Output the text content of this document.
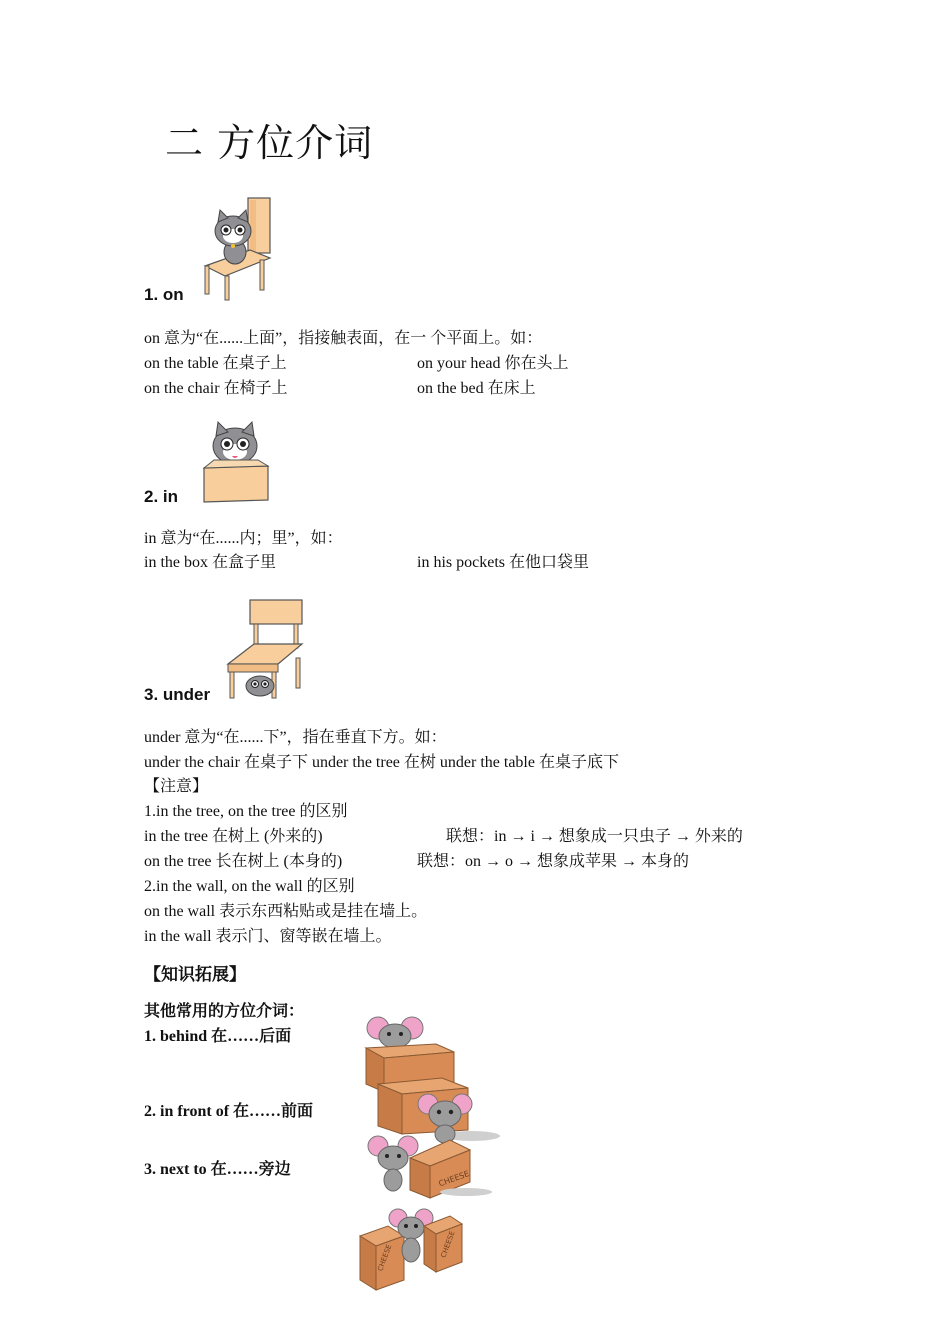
二 方位介词
1. on
on 意为“在......上面”，指接触表面，在一 个平面上。如：
on the table 在桌子上	on your head 你在头上
on the chair 在椅子上	on the bed 在床上
2. in
in 意为“在......内；里”，如：
in the box 在盒子里	in his pockets 在他口袋里
3. under
under 意为“在......下”，指在垂直下方。如：
under the chair 在桌子下 under the tree 在树 under the table 在桌子底下
【注意】
1.in the tree, on the tree 的区别
in the tree 在树上 (外来的)	联想：in → i → 想象成一只虫子 → 外来的
on the tree 长在树上 (本身的)	联想：on → o → 想象成苹果 → 本身的
2.in the wall, on the wall 的区别
on the wall 表示东西粘贴或是挂在墙上。
in the wall 表示门、窗等嵌在墙上。
【知识拓展】
其他常用的方位介词：
1. behind 在……后面
2. in front of 在……前面
3. next to 在……旁边	CHEESE
CHEESE	CHEESE
